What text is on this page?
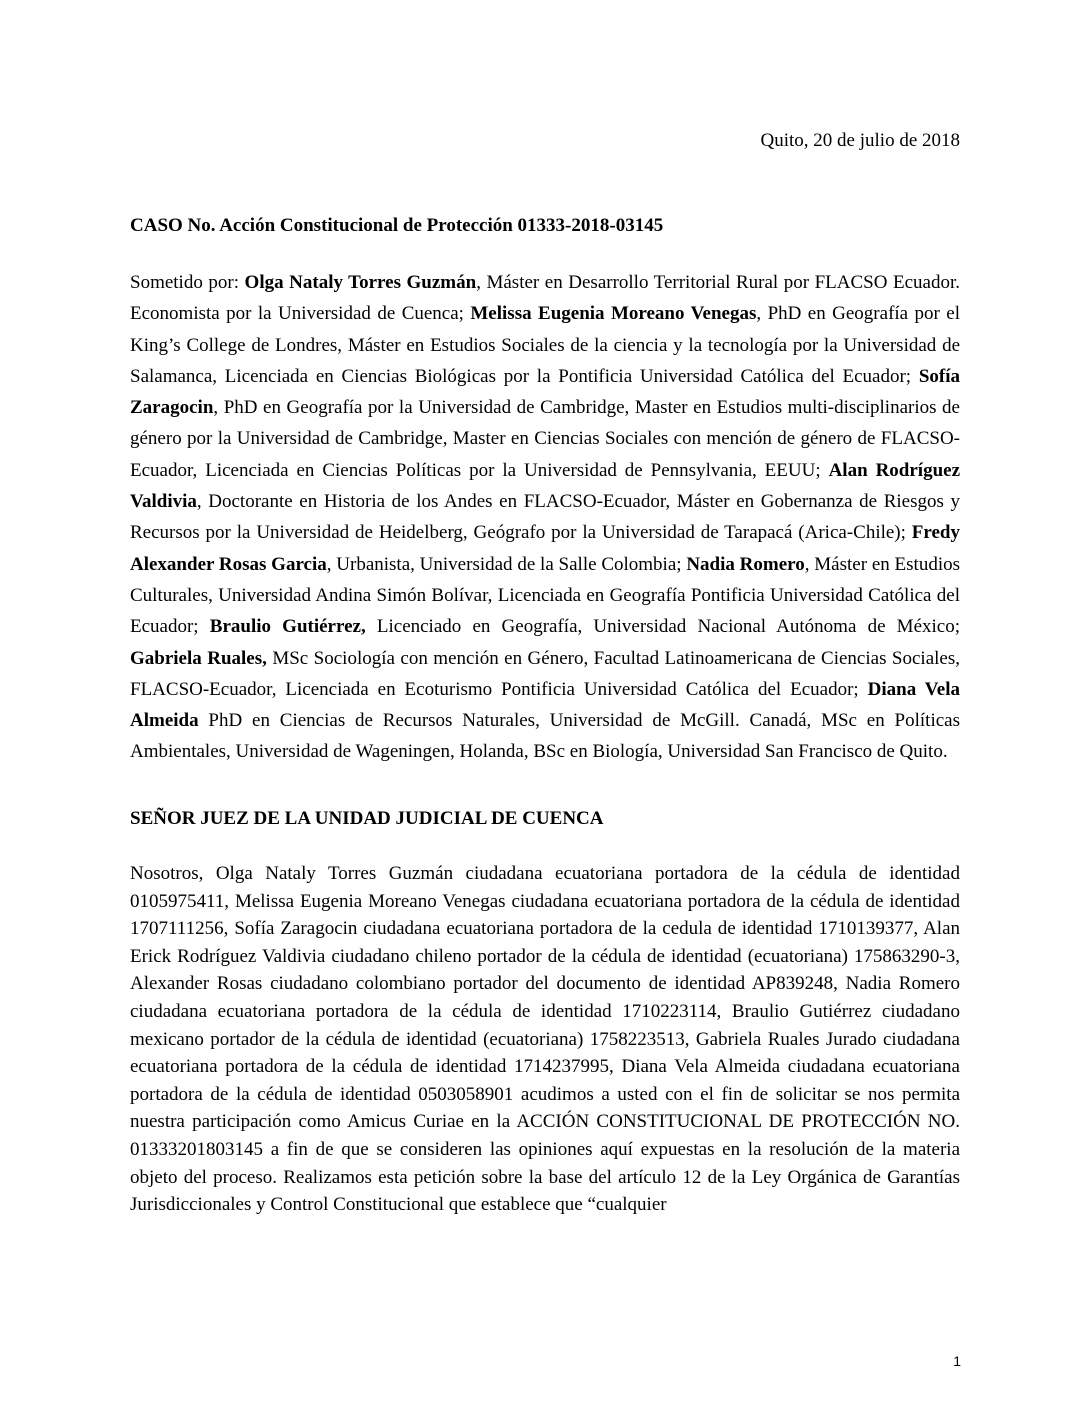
Quito, 20 de julio de 2018
CASO No. Acción Constitucional de Protección 01333-2018-03145

Sometido por: Olga Nataly Torres Guzmán, Máster en Desarrollo Territorial Rural por FLACSO Ecuador. Economista por la Universidad de Cuenca; Melissa Eugenia Moreano Venegas, PhD en Geografía por el King’s College de Londres, Máster en Estudios Sociales de la ciencia y la tecnología por la Universidad de Salamanca, Licenciada en Ciencias Biológicas por la Pontificia Universidad Católica del Ecuador; Sofía Zaragocin, PhD en Geografía por la Universidad de Cambridge, Master en Estudios multi-disciplinarios de género por la Universidad de Cambridge, Master en Ciencias Sociales con mención de género de FLACSO-Ecuador, Licenciada en Ciencias Políticas por la Universidad de Pennsylvania, EEUU; Alan Rodríguez Valdivia, Doctorante en Historia de los Andes en FLACSO-Ecuador, Máster en Gobernanza de Riesgos y Recursos por la Universidad de Heidelberg, Geógrafo por la Universidad de Tarapacá (Arica-Chile); Fredy Alexander Rosas Garcia, Urbanista, Universidad de la Salle Colombia; Nadia Romero, Máster en Estudios Culturales, Universidad Andina Simón Bolívar, Licenciada en Geografía Pontificia Universidad Católica del Ecuador; Braulio Gutiérrez, Licenciado en Geografía, Universidad Nacional Autónoma de México; Gabriela Ruales, MSc Sociología con mención en Género, Facultad Latinoamericana de Ciencias Sociales, FLACSO-Ecuador, Licenciada en Ecoturismo Pontificia Universidad Católica del Ecuador; Diana Vela Almeida PhD en Ciencias de Recursos Naturales, Universidad de McGill. Canadá, MSc en Políticas Ambientales, Universidad de Wageningen, Holanda, BSc en Biología, Universidad San Francisco de Quito.

SEÑOR JUEZ DE LA UNIDAD JUDICIAL DE CUENCA

Nosotros, Olga Nataly Torres Guzmán ciudadana ecuatoriana portadora de la cédula de identidad 0105975411, Melissa Eugenia Moreano Venegas ciudadana ecuatoriana portadora de la cédula de identidad 1707111256, Sofía Zaragocin ciudadana ecuatoriana portadora de la cedula de identidad 1710139377, Alan Erick Rodríguez Valdivia ciudadano chileno portador de la cédula de identidad (ecuatoriana) 175863290-3, Alexander Rosas ciudadano colombiano portador del documento de identidad AP839248, Nadia Romero ciudadana ecuatoriana portadora de la cédula de identidad 1710223114, Braulio Gutiérrez ciudadano mexicano portador de la cédula de identidad (ecuatoriana) 1758223513, Gabriela Ruales Jurado ciudadana ecuatoriana portadora de la cédula de identidad 1714237995, Diana Vela Almeida ciudadana ecuatoriana portadora de la cédula de identidad 0503058901 acudimos a usted con el fin de solicitar se nos permita nuestra participación como Amicus Curiae en la ACCIÓN CONSTITUCIONAL DE PROTECCIÓN NO. 01333201803145 a fin de que se consideren las opiniones aquí expuestas en la resolución de la materia objeto del proceso. Realizamos esta petición sobre la base del artículo 12 de la Ley Orgánica de Garantías Jurisdiccionales y Control Constitucional que establece que “cualquier

1
